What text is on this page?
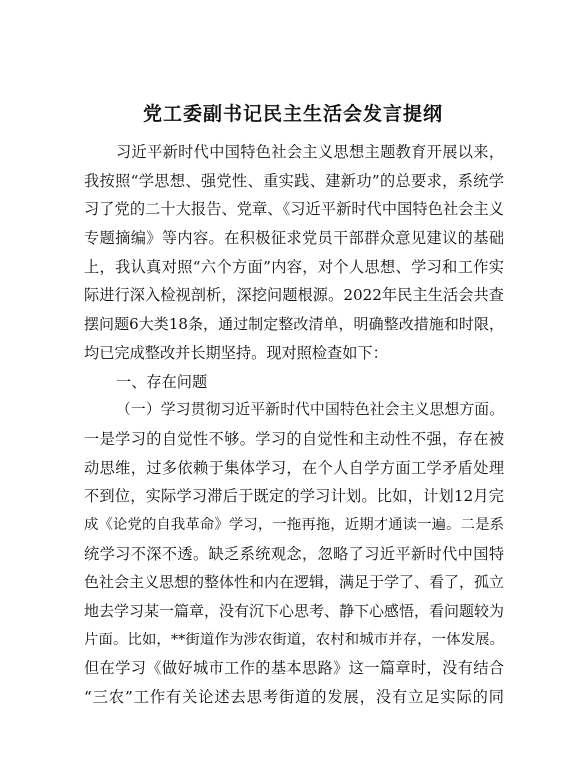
党工委副书记民主生活会发言提纲
习近平新时代中国特色社会主义思想主题教育开展以来，
我按照“学思想、强党性、重实践、建新功”的总要求，系统学
习了党的二十大报告、党章、《习近平新时代中国特色社会主义
专题摘编》等内容。在积极征求党员干部群众意见建议的基础
上，我认真对照“六个方面”内容，对个人思想、学习和工作实
际进行深入检视剖析，深挖问题根源。2022年民主生活会共查
摆问题6大类18条，通过制定整改清单，明确整改措施和时限，
均已完成整改并长期坚持。现对照检查如下：
一、存在问题
（一）学习贯彻习近平新时代中国特色社会主义思想方面。
一是学习的自觉性不够。学习的自觉性和主动性不强，存在被
动思维，过多依赖于集体学习，在个人自学方面工学矛盾处理
不到位，实际学习滞后于既定的学习计划。比如，计划12月完
成《论党的自我革命》学习，一拖再拖，近期才通读一遍。二是系
统学习不深不透。缺乏系统观念，忽略了习近平新时代中国特
色社会主义思想的整体性和内在逻辑，满足于学了、看了，孤立
地去学习某一篇章，没有沉下心思考、静下心感悟，看问题较为
片面。比如，**街道作为涉农街道，农村和城市并存，一体发展。
但在学习《做好城市工作的基本思路》这一篇章时，没有结合
“三农”工作有关论述去思考街道的发展，没有立足实际的同
